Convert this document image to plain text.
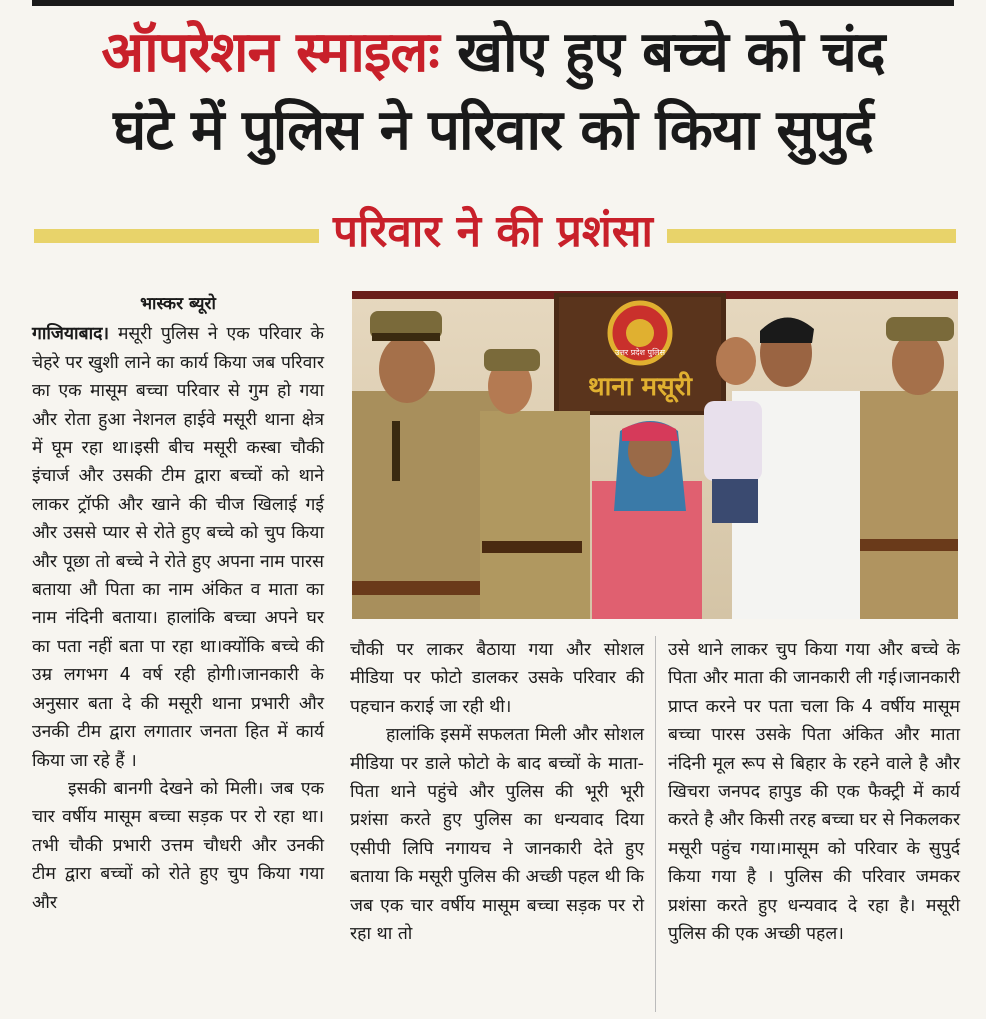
ऑपरेशन स्माइलः खोए हुए बच्चे को चंद
घंटे में पुलिस ने परिवार को किया सुपुर्द
परिवार ने की प्रशंसा

भास्कर ब्यूरो

गाजियाबाद। मसूरी पुलिस ने एक परिवार के चेहरे पर खुशी लाने का कार्य किया जब परिवार का एक मासूम बच्चा परिवार से गुम हो गया और रोता हुआ नेशनल हाईवे मसूरी थाना क्षेत्र में घूम रहा था।इसी बीच मसूरी कस्बा चौकी इंचार्ज और उसकी टीम द्वारा बच्चों को थाने लाकर ट्रॉफी और खाने की चीज खिलाई गई और उससे प्यार से रोते हुए बच्चे को चुप किया और पूछा तो बच्चे ने रोते हुए अपना नाम पारस बताया औ पिता का नाम अंकित व माता का नाम नंदिनी बताया। हालांकि बच्चा अपने घर का पता नहीं बता पा रहा था।क्योंकि बच्चे की उम्र लगभग 4 वर्ष रही होगी।जानकारी के अनुसार बता दे की मसूरी थाना प्रभारी और उनकी टीम द्वारा लगातार जनता हित में कार्य किया जा रहे हैं ।

इसकी बानगी देखने को मिली। जब एक चार वर्षीय मासूम बच्चा सड़क पर रो रहा था।तभी चौकी प्रभारी उत्तम चौधरी और उनकी टीम द्वारा बच्चों को रोते हुए चुप किया गया और

उत्तर प्रदेश पुलिस
थाना मसूरी

चौकी पर लाकर बैठाया गया और सोशल मीडिया पर फोटो डालकर उसके परिवार की पहचान कराई जा रही थी।

हालांकि इसमें सफलता मिली और सोशल मीडिया पर डाले फोटो के बाद बच्चों के माता-पिता थाने पहुंचे और पुलिस की भूरी भूरी प्रशंसा करते हुए पुलिस का धन्यवाद दिया एसीपी लिपि नगायच ने जानकारी देते हुए बताया कि मसूरी पुलिस की अच्छी पहल थी कि जब एक चार वर्षीय मासूम बच्चा सड़क पर रो रहा था तो

उसे थाने लाकर चुप किया गया और बच्चे के पिता और माता की जानकारी ली गई।जानकारी प्राप्त करने पर पता चला कि 4 वर्षीय मासूम बच्चा पारस उसके पिता अंकित और माता नंदिनी मूल रूप से बिहार के रहने वाले है और खिचरा जनपद हापुड की एक फैक्ट्री में कार्य करते है और किसी तरह बच्चा घर से निकलकर मसूरी पहुंच गया।मासूम को परिवार के सुपुर्द किया गया है । पुलिस की परिवार जमकर प्रशंसा करते हुए धन्यवाद दे रहा है। मसूरी पुलिस की एक अच्छी पहल।
